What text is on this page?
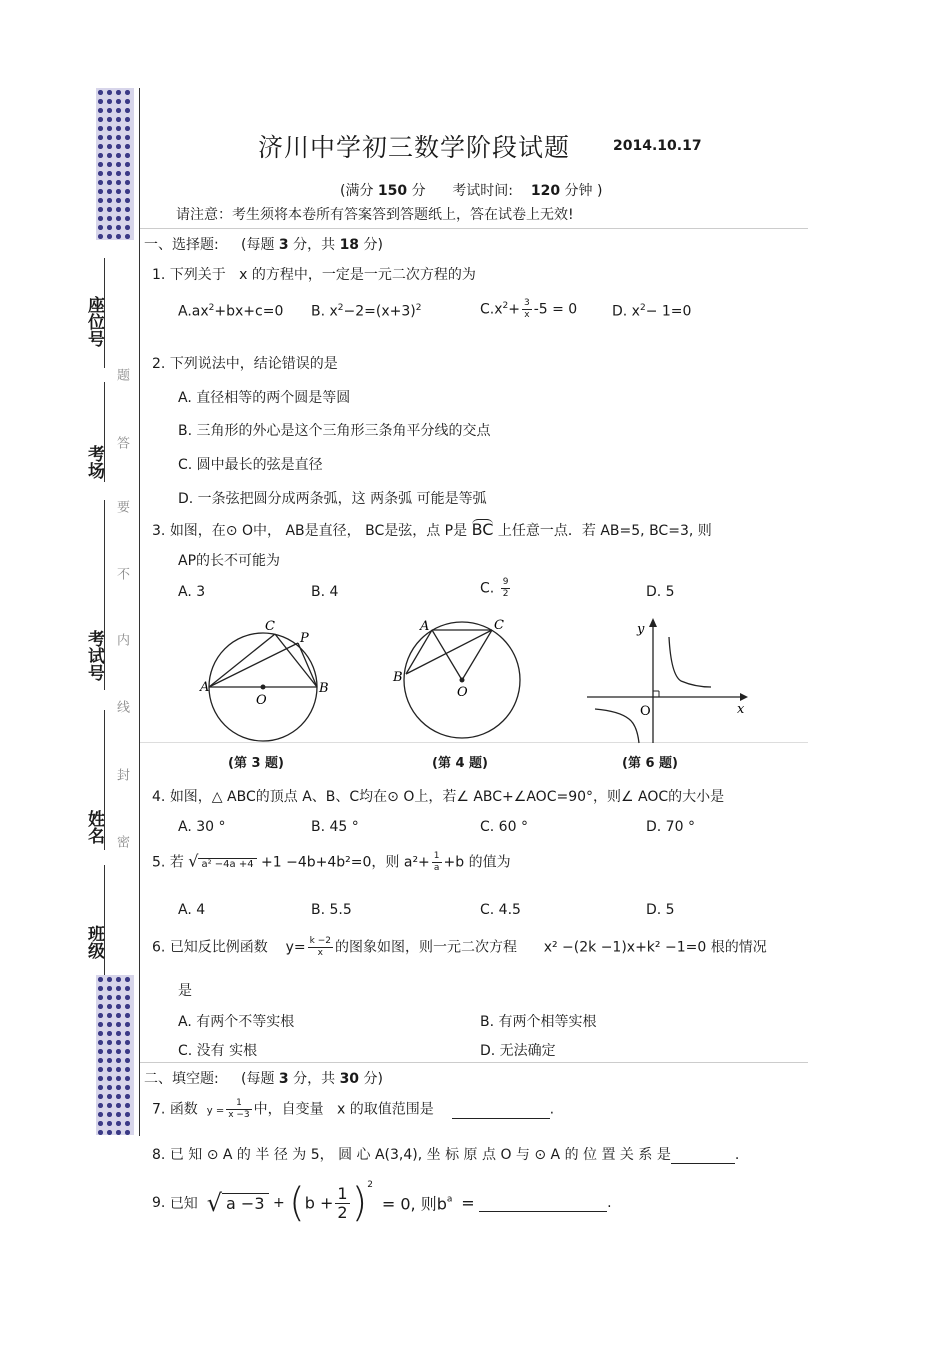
座位号
考场
考试号
姓名
班级
题
答
要
不
内
线
封
密
济川中学初三数学阶段试题	2014.10.17
(满分 150 分 考试时间: 120 分钟 )
请注意：考生须将本卷所有答案答到答题纸上，答在试卷上无效!
一、选择题: (每题 3 分，共 18 分)
1. 下列关于 x 的方程中，一定是一元二次方程的为
$A.ax^2+bx+c=0$ B. $x^2-2=(x+3)^2$	$C.x^2+ \frac{3}{x} -5 = 0$ D. $x^2- 1=0$
2. 下列说法中，结论错误的是
A. 直径相等的两个圆是等圆
B. 三角形的外心是这个三角形三条角平分线的交点
C. 圆中最长的弦是直径
D. 一条弦把圆分成两条弧，这 两条弧 可能是等弧
3. 如图，在⊙ O中， AB是直径， BC是弦，点 P是 BC 上任意一点．若 AB=5, BC=3, 则
AP的长不可能为
A. 3	B. 4	C. $\frac{9}{2}$	D. 5
A	B
C
P
O
A
B
C
O
y
x
O
(第 3 题)	(第 4 题)	(第 6 题)
4. 如图，△ ABC的顶点 A、B、C均在⊙ O上，若∠ ABC+∠AOC=90°，则∠ AOC的大小是
A. 30 °	B. 45 °	C. 60 °	D. 70 °
5. 若 √ a² −4a +4 +1 −4b+4b²=0，则 $a^2+ \frac{1}{a} +b$ 的值为
A. 4	B. 5.5	C. 4.5	D. 5
6. 已知反比例函数 $y= \frac{k -2}{x}$ 的图象如图，则一元二次方程 x² −(2k −1)x+k² −1=0 根的情况
是
A. 有两个不等实根	B. 有两个相等实根
C. 没有 实根	D. 无法确定
二、填空题: (每题 3 分，共 30 分)
7. 函数 $y = \frac{1}{x -3}$ 中，自变量 x 的取值范围是	.
8. 已 知 ⊙ A 的 半 径 为 5， 圆 心 A(3,4), 坐 标 原 点 O 与 ⊙ A 的 位 置 关 系 是	.
9. 已知 √ $a -3 + (b + \frac{1}{2} )^2 = 0$, 则$b^a$ =	.
